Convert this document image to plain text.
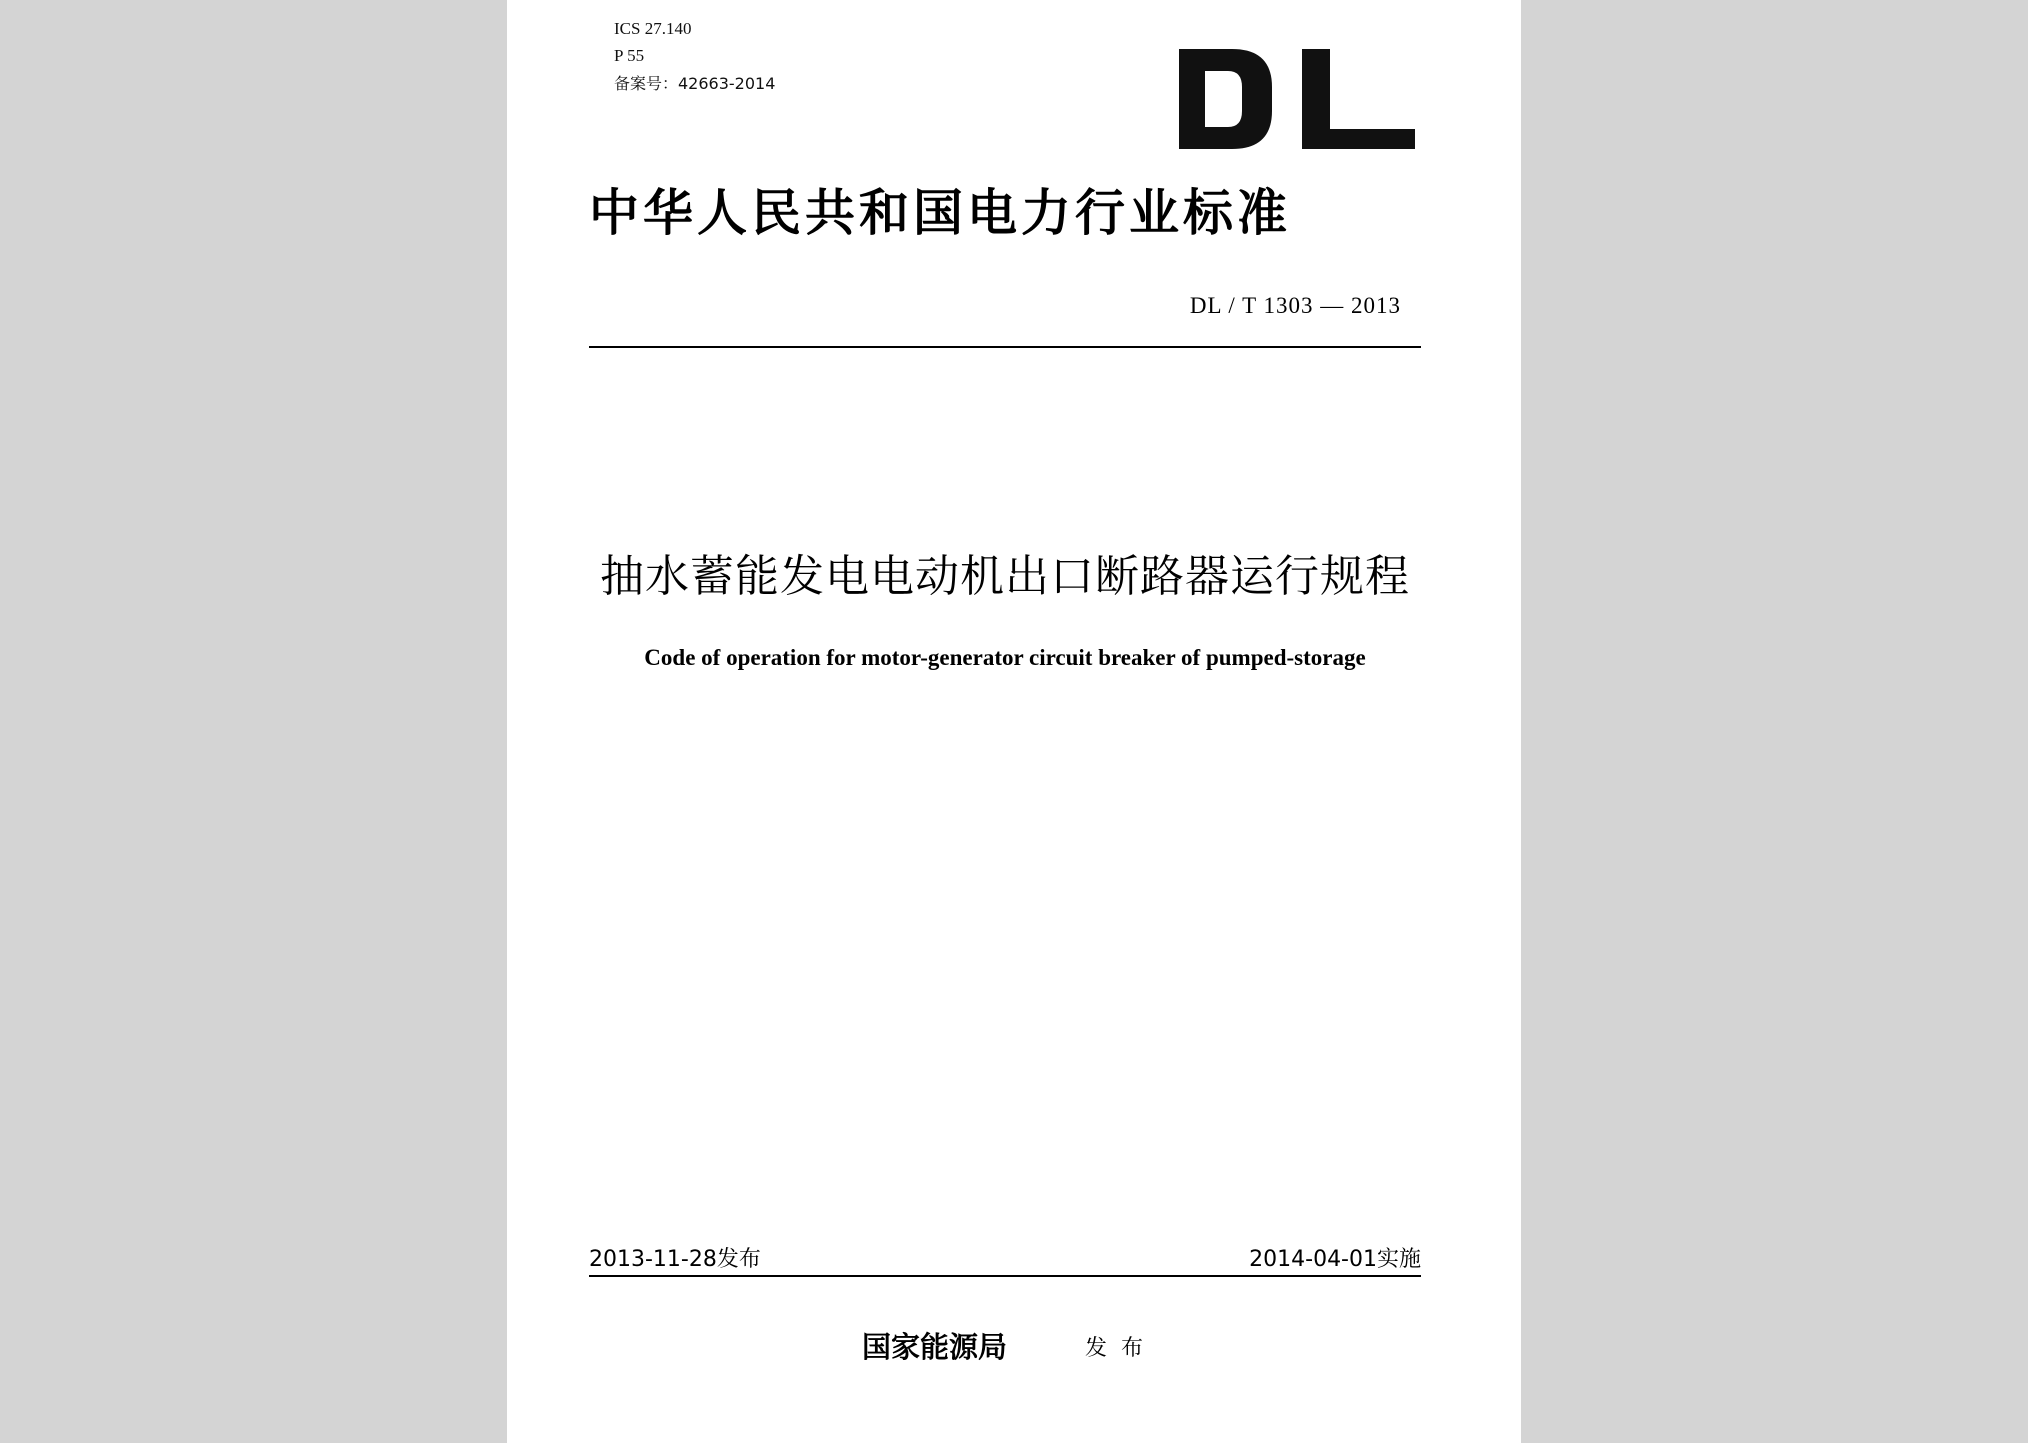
ICS 27.140
P 55
备案号：42663-2014
中华人民共和国电力行业标准
DL / T 1303 — 2013
抽水蓄能发电电动机出口断路器运行规程
Code of operation for motor-generator circuit breaker of pumped-storage
2013-11-28发布	2014-04-01实施
国家能源局	发布
